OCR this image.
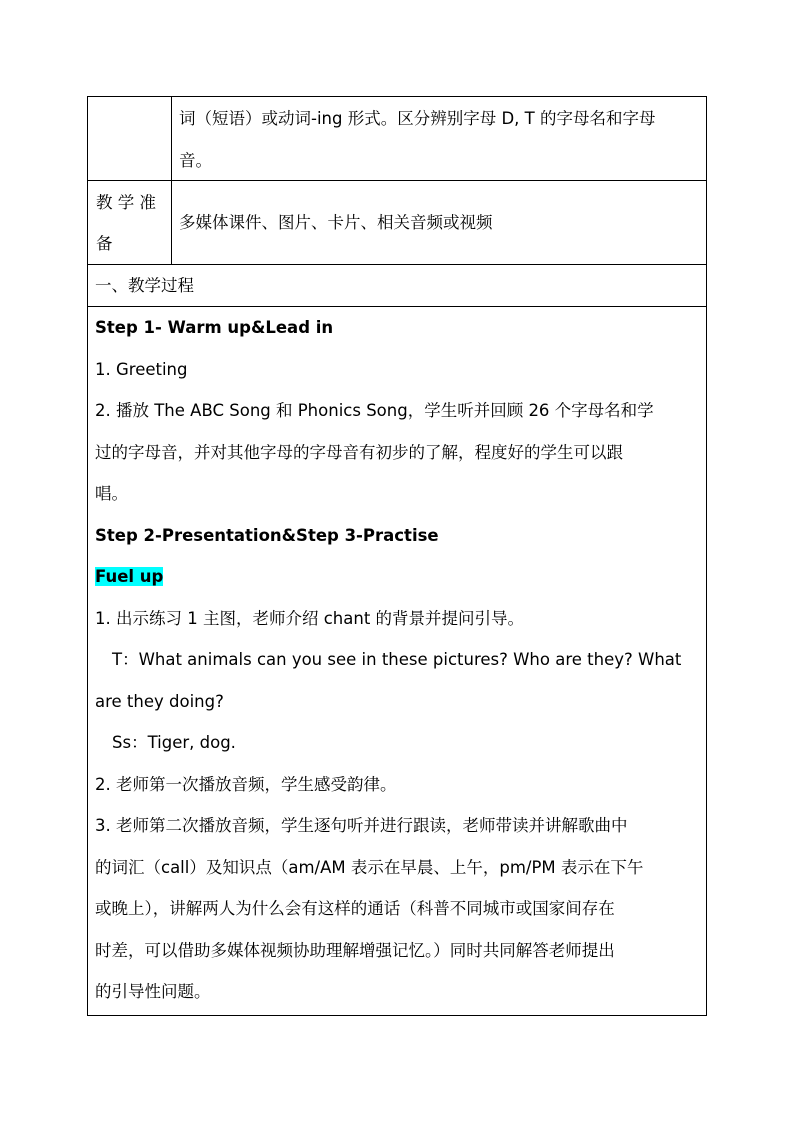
词（短语）或动词-ing 形式。区分辨别字母 D, T 的字母名和字母
音。
教 学 准
备
多媒体课件、图片、卡片、相关音频或视频
一、教学过程
Step 1- Warm up&Lead in
1. Greeting
2. 播放 The ABC Song 和 Phonics Song，学生听并回顾 26 个字母名和学
过的字母音，并对其他字母的字母音有初步的了解，程度好的学生可以跟
唱。
Step 2-Presentation&Step 3-Practise
Fuel up
1. 出示练习 1 主图，老师介绍 chant 的背景并提问引导。
T：What animals can you see in these pictures? Who are they? What
are they doing?
Ss：Tiger, dog.
2. 老师第一次播放音频，学生感受韵律。
3. 老师第二次播放音频，学生逐句听并进行跟读，老师带读并讲解歌曲中
的词汇（call）及知识点（am/AM 表示在早晨、上午，pm/PM 表示在下午
或晚上），讲解两人为什么会有这样的通话（科普不同城市或国家间存在
时差，可以借助多媒体视频协助理解增强记忆。）同时共同解答老师提出
的引导性问题。
